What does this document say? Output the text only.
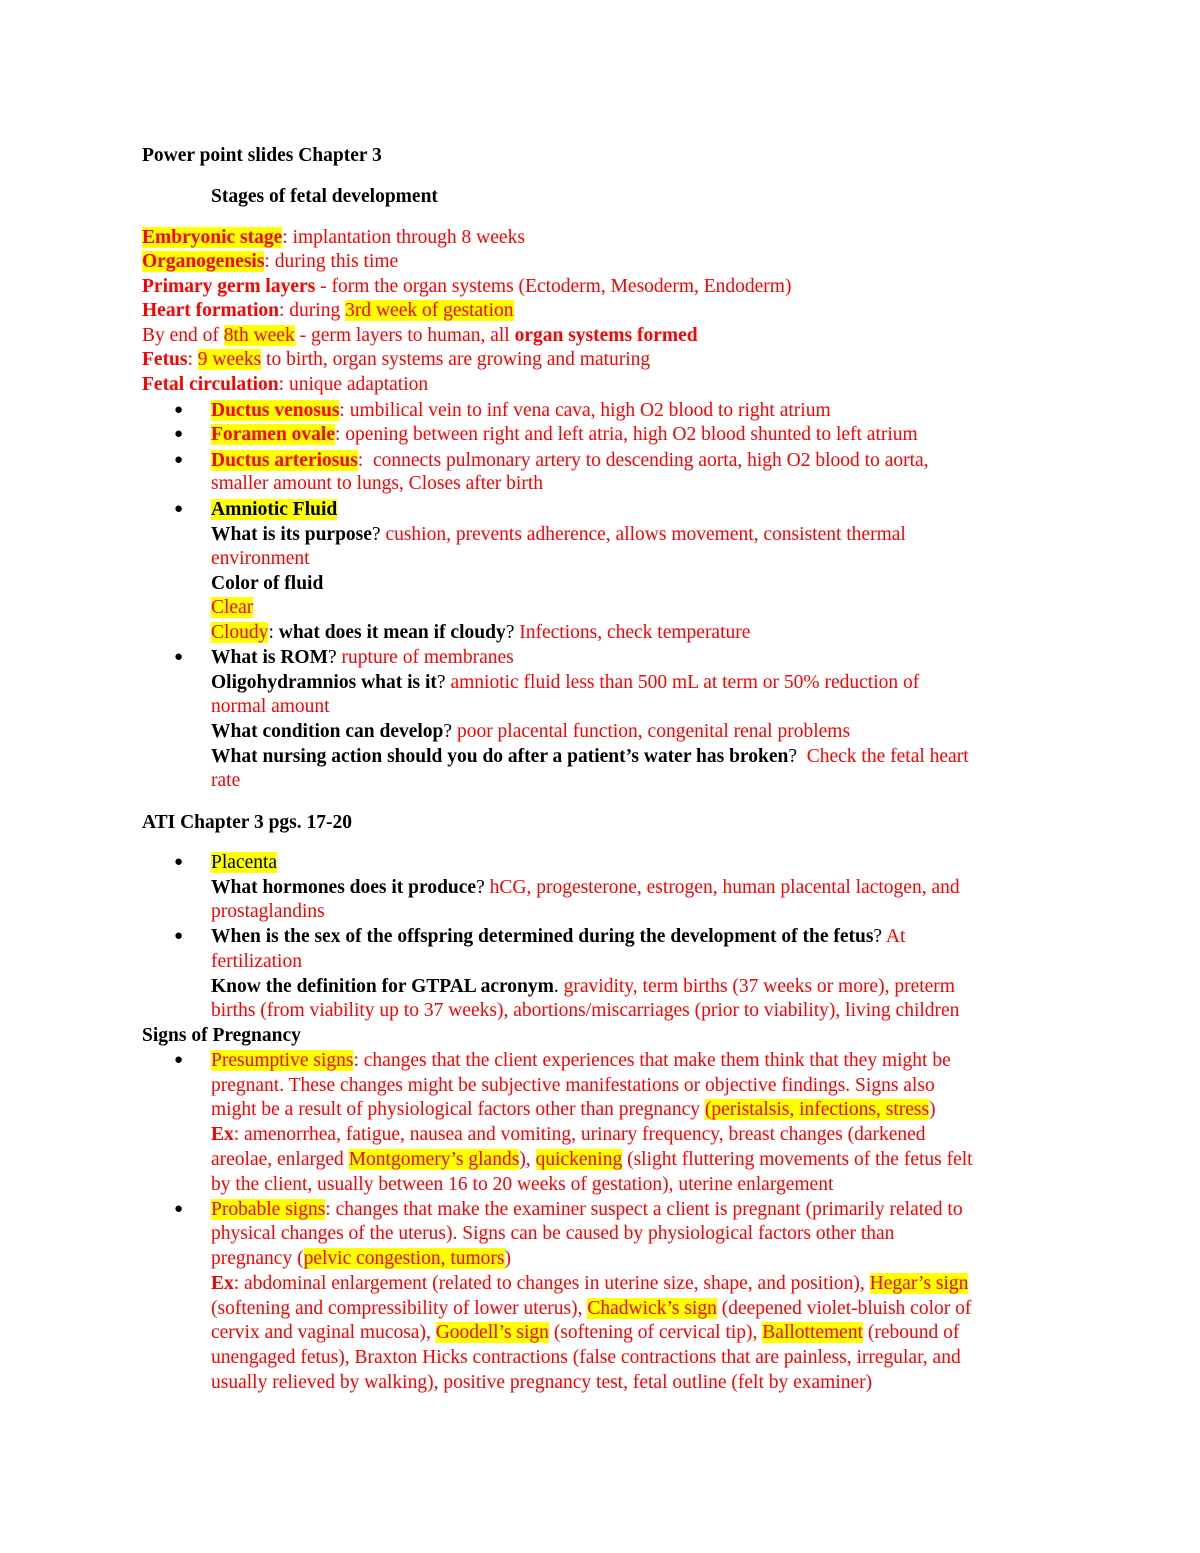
Power point slides Chapter 3
Stages of fetal development
Embryonic stage: implantation through 8 weeks
Organogenesis: during this time
Primary germ layers - form the organ systems (Ectoderm, Mesoderm, Endoderm)
Heart formation: during 3rd week of gestation
By end of 8th week - germ layers to human, all organ systems formed
Fetus: 9 weeks to birth, organ systems are growing and maturing
Fetal circulation: unique adaptation
Ductus venosus: umbilical vein to inf vena cava, high O2 blood to right atrium
●
Foramen ovale: opening between right and left atria, high O2 blood shunted to left atrium
●
Ductus arteriosus:  connects pulmonary artery to descending aorta, high O2 blood to aorta,
●
smaller amount to lungs, Closes after birth
Amniotic Fluid
●
What is its purpose? cushion, prevents adherence, allows movement, consistent thermal
environment
Color of fluid
Clear
Cloudy: what does it mean if cloudy? Infections, check temperature
What is ROM? rupture of membranes
●
Oligohydramnios what is it? amniotic fluid less than 500 mL at term or 50% reduction of
normal amount
What condition can develop? poor placental function, congenital renal problems
What nursing action should you do after a patient’s water has broken?  Check the fetal heart
rate
ATI Chapter 3 pgs. 17-20
Placenta
●
What hormones does it produce? hCG, progesterone, estrogen, human placental lactogen, and
prostaglandins
When is the sex of the offspring determined during the development of the fetus? At
●
fertilization
Know the definition for GTPAL acronym. gravidity, term births (37 weeks or more), preterm
births (from viability up to 37 weeks), abortions/miscarriages (prior to viability), living children
Signs of Pregnancy
Presumptive signs: changes that the client experiences that make them think that they might be
●
pregnant. These changes might be subjective manifestations or objective findings. Signs also
might be a result of physiological factors other than pregnancy (peristalsis, infections, stress)
Ex: amenorrhea, fatigue, nausea and vomiting, urinary frequency, breast changes (darkened
areolae, enlarged Montgomery’s glands), quickening (slight fluttering movements of the fetus felt
by the client, usually between 16 to 20 weeks of gestation), uterine enlargement
Probable signs: changes that make the examiner suspect a client is pregnant (primarily related to
●
physical changes of the uterus). Signs can be caused by physiological factors other than
pregnancy (pelvic congestion, tumors)
Ex: abdominal enlargement (related to changes in uterine size, shape, and position), Hegar’s sign
(softening and compressibility of lower uterus), Chadwick’s sign (deepened violet-bluish color of
cervix and vaginal mucosa), Goodell’s sign (softening of cervical tip), Ballottement (rebound of
unengaged fetus), Braxton Hicks contractions (false contractions that are painless, irregular, and
usually relieved by walking), positive pregnancy test, fetal outline (felt by examiner)
